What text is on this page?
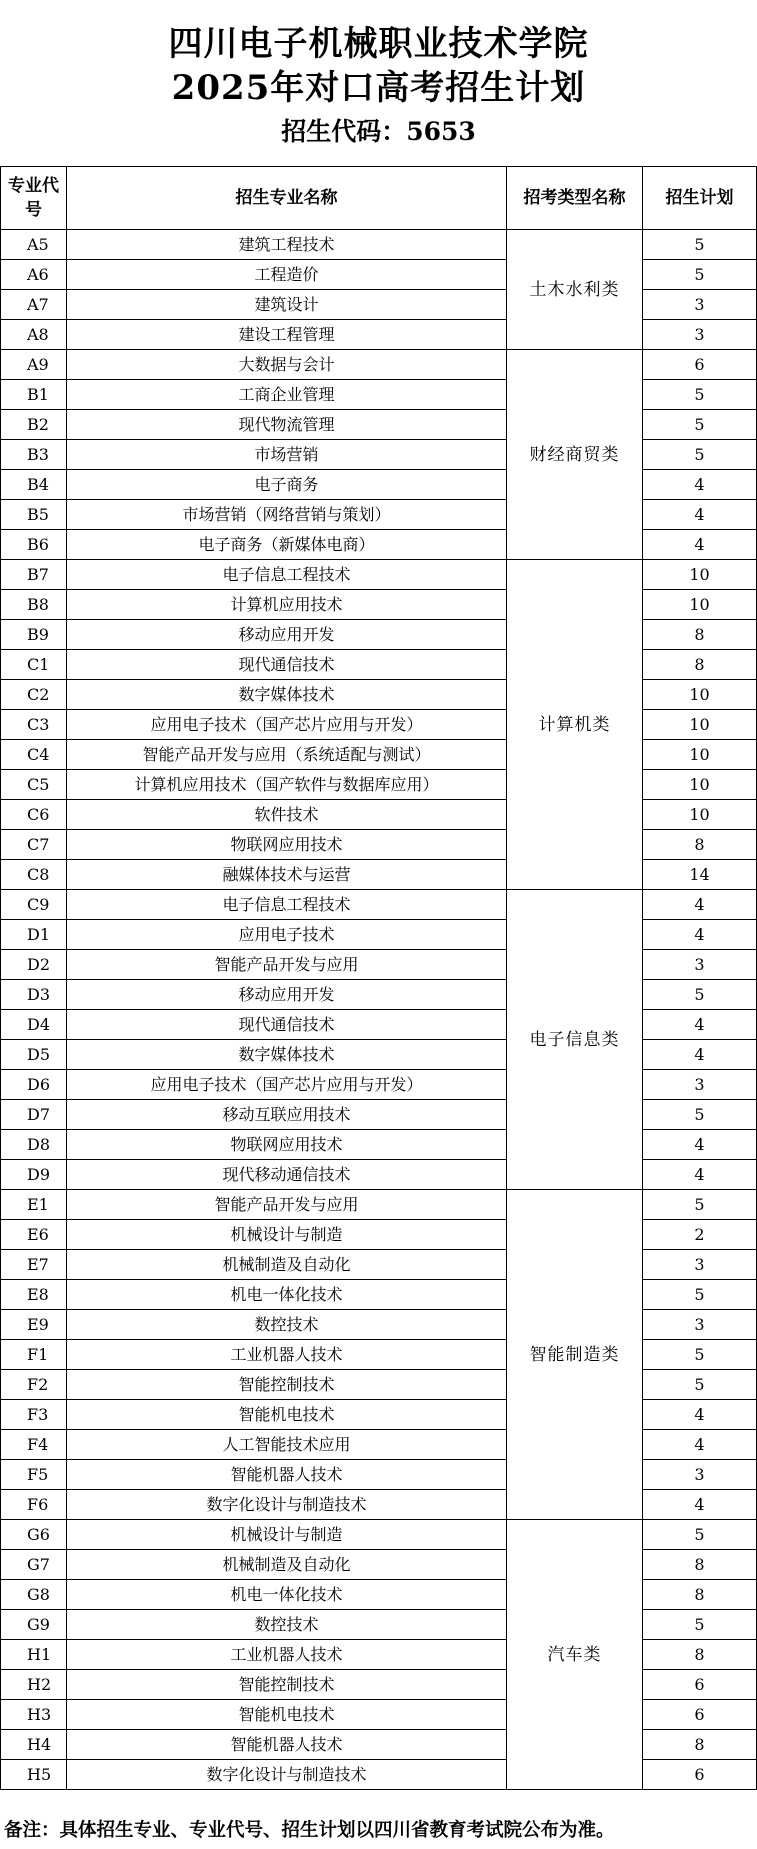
四川电子机械职业技术学院
2025年对口高考招生计划
招生代码：5653
专业代号	招生专业名称	招考类型名称	招生计划
A5	建筑工程技术	土木水利类	5
A6	工程造价		5
A7	建筑设计		3
A8	建设工程管理		3
A9	大数据与会计	财经商贸类	6
B1	工商企业管理		5
B2	现代物流管理		5
B3	市场营销		5
B4	电子商务		4
B5	市场营销（网络营销与策划）		4
B6	电子商务（新媒体电商）		4
B7	电子信息工程技术	计算机类	10
B8	计算机应用技术		10
B9	移动应用开发		8
C1	现代通信技术		8
C2	数字媒体技术		10
C3	应用电子技术（国产芯片应用与开发）		10
C4	智能产品开发与应用（系统适配与测试）		10
C5	计算机应用技术（国产软件与数据库应用）		10
C6	软件技术		10
C7	物联网应用技术		8
C8	融媒体技术与运营		14
C9	电子信息工程技术	电子信息类	4
D1	应用电子技术		4
D2	智能产品开发与应用		3
D3	移动应用开发		5
D4	现代通信技术		4
D5	数字媒体技术		4
D6	应用电子技术（国产芯片应用与开发）		3
D7	移动互联应用技术		5
D8	物联网应用技术		4
D9	现代移动通信技术		4
E1	智能产品开发与应用	智能制造类	5
E6	机械设计与制造		2
E7	机械制造及自动化		3
E8	机电一体化技术		5
E9	数控技术		3
F1	工业机器人技术		5
F2	智能控制技术		5
F3	智能机电技术		4
F4	人工智能技术应用		4
F5	智能机器人技术		3
F6	数字化设计与制造技术		4
G6	机械设计与制造	汽车类	5
G7	机械制造及自动化		8
G8	机电一体化技术		8
G9	数控技术		5
H1	工业机器人技术		8
H2	智能控制技术		6
H3	智能机电技术		6
H4	智能机器人技术		8
H5	数字化设计与制造技术		6
备注：具体招生专业、专业代号、招生计划以四川省教育考试院公布为准。
